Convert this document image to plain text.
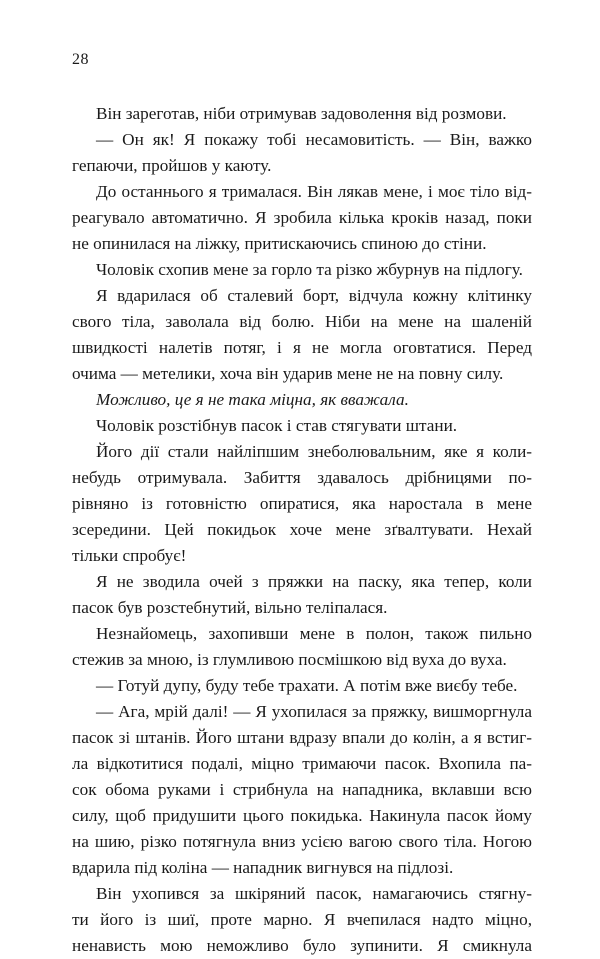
28
Він зареготав, ніби отримував задоволення від розмови.
— Он як! Я покажу тобі несамовитість. — Він, важко
гепаючи, пройшов у каюту.
До останнього я трималася. Він лякав мене, і моє тіло від-
реагувало автоматично. Я зробила кілька кроків назад, поки
не опинилася на ліжку, притискаючись спиною до стіни.
Чоловік схопив мене за горло та різко жбурнув на підлогу.
Я вдарилася об сталевий борт, відчула кожну клітинку
свого тіла, заволала від болю. Ніби на мене на шаленій
швидкості налетів потяг, і я не могла оговтатися. Перед
очима — метелики, хоча він ударив мене не на повну силу.
Можливо, це я не така міцна, як вважала.
Чоловік розстібнув пасок і став стягувати штани.
Його дії стали найліпшим знеболювальним, яке я коли-
небудь отримувала. Забиття здавалось дрібницями по-
рівняно із готовністю опиратися, яка наростала в мене
зсередини. Цей покидьок хоче мене зґвалтувати. Нехай
тільки спробує!
Я не зводила очей з пряжки на паску, яка тепер, коли
пасок був розстебнутий, вільно теліпалася.
Незнайомець, захопивши мене в полон, також пильно
стежив за мною, із глумливою посмішкою від вуха до вуха.
— Готуй дупу, буду тебе трахати. А потім вже виєбу тебе.
— Ага, мрій далі! — Я ухопилася за пряжку, вишморгнула
пасок зі штанів. Його штани вдразу впали до колін, а я встиг-
ла відкотитися подалі, міцно тримаючи пасок. Вхопила па-
сок обома руками і стрибнула на нападника, вклавши всю
силу, щоб придушити цього покидька. Накинула пасок йому
на шию, різко потягнула вниз усією вагою свого тіла. Ногою
вдарила під коліна — нападник вигнувся на підлозі.
Він ухопився за шкіряний пасок, намагаючись стягну-
ти його із шиї, проте марно. Я вчепилася надто міцно,
ненависть мою неможливо було зупинити. Я смикнула
